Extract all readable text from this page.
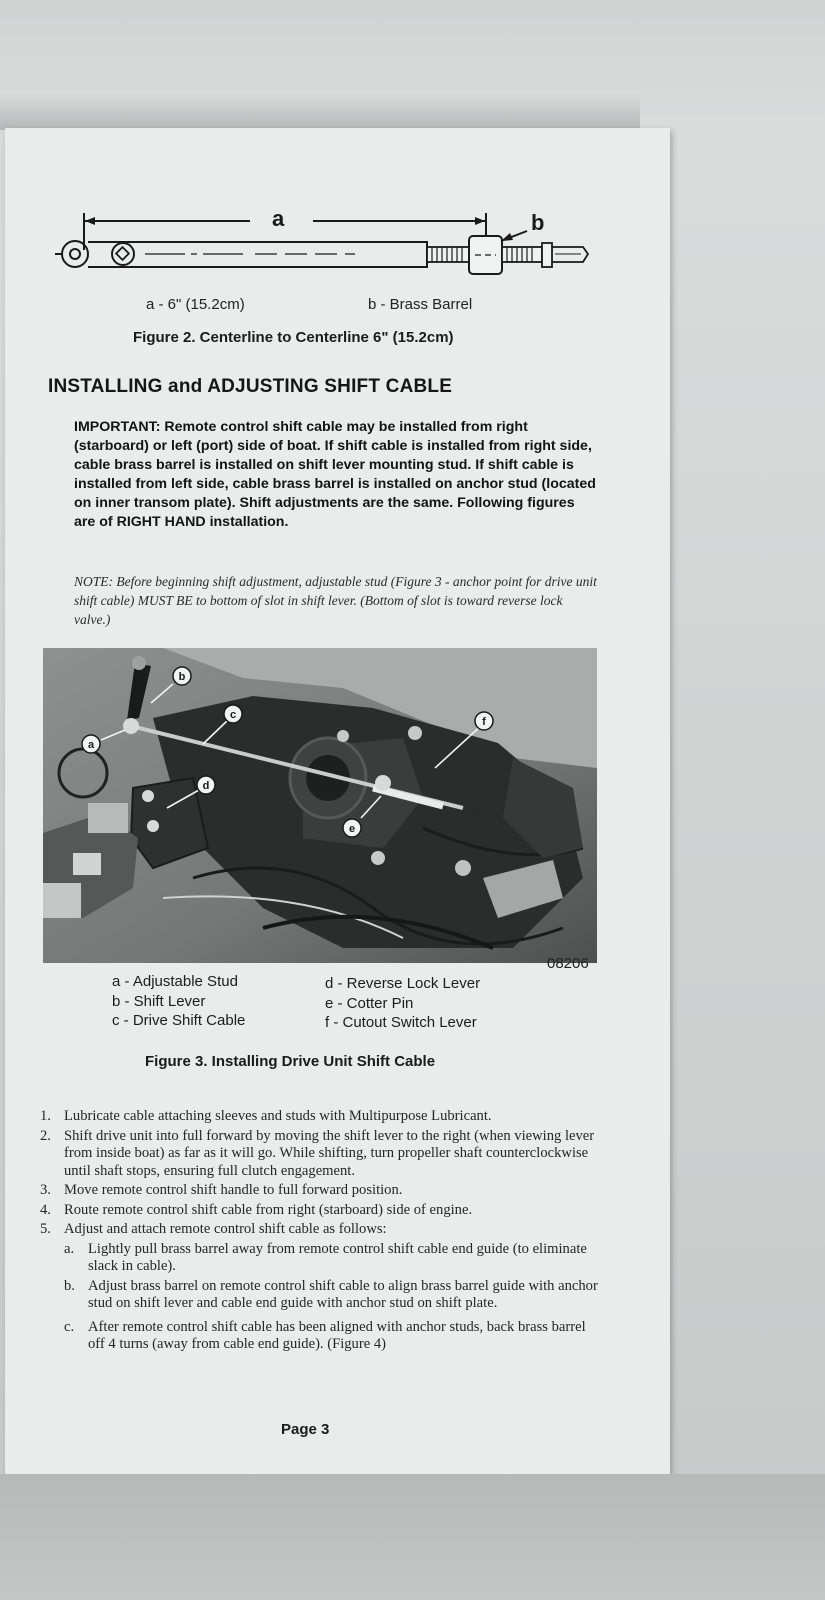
a	b
a - 6" (15.2cm)	b - Brass Barrel
Figure 2. Centerline to Centerline 6" (15.2cm)
INSTALLING and ADJUSTING SHIFT CABLE
IMPORTANT: Remote control shift cable may be installed from right (starboard) or left (port) side of boat. If shift cable is installed from right side, cable brass barrel is installed on shift lever mounting stud. If shift cable is installed from left side, cable brass barrel is installed on anchor stud (located on inner transom plate). Shift adjustments are the same. Following figures are of RIGHT HAND installation.
NOTE: Before beginning shift adjustment, adjustable stud (Figure 3 - anchor point for drive unit shift cable) MUST BE to bottom of slot in shift lever. (Bottom of slot is toward reverse lock valve.)
b
a
c
d
e
f
08206
a - Adjustable Stud
b - Shift Lever
c - Drive Shift Cable
d - Reverse Lock Lever
e - Cotter Pin
f - Cutout Switch Lever
Figure 3. Installing Drive Unit Shift Cable
1. Lubricate cable attaching sleeves and studs with Multipurpose Lubricant.
2. Shift drive unit into full forward by moving the shift lever to the right (when viewing lever from inside boat) as far as it will go. While shifting, turn propeller shaft counterclockwise until shaft stops, ensuring full clutch engagement.
3. Move remote control shift handle to full forward position.
4. Route remote control shift cable from right (starboard) side of engine.
5. Adjust and attach remote control shift cable as follows:
a. Lightly pull brass barrel away from remote control shift cable end guide (to eliminate slack in cable).
b. Adjust brass barrel on remote control shift cable to align brass barrel guide with anchor stud on shift lever and cable end guide with anchor stud on shift plate.
c. After remote control shift cable has been aligned with anchor studs, back brass barrel off 4 turns (away from cable end guide). (Figure 4)
Page 3
